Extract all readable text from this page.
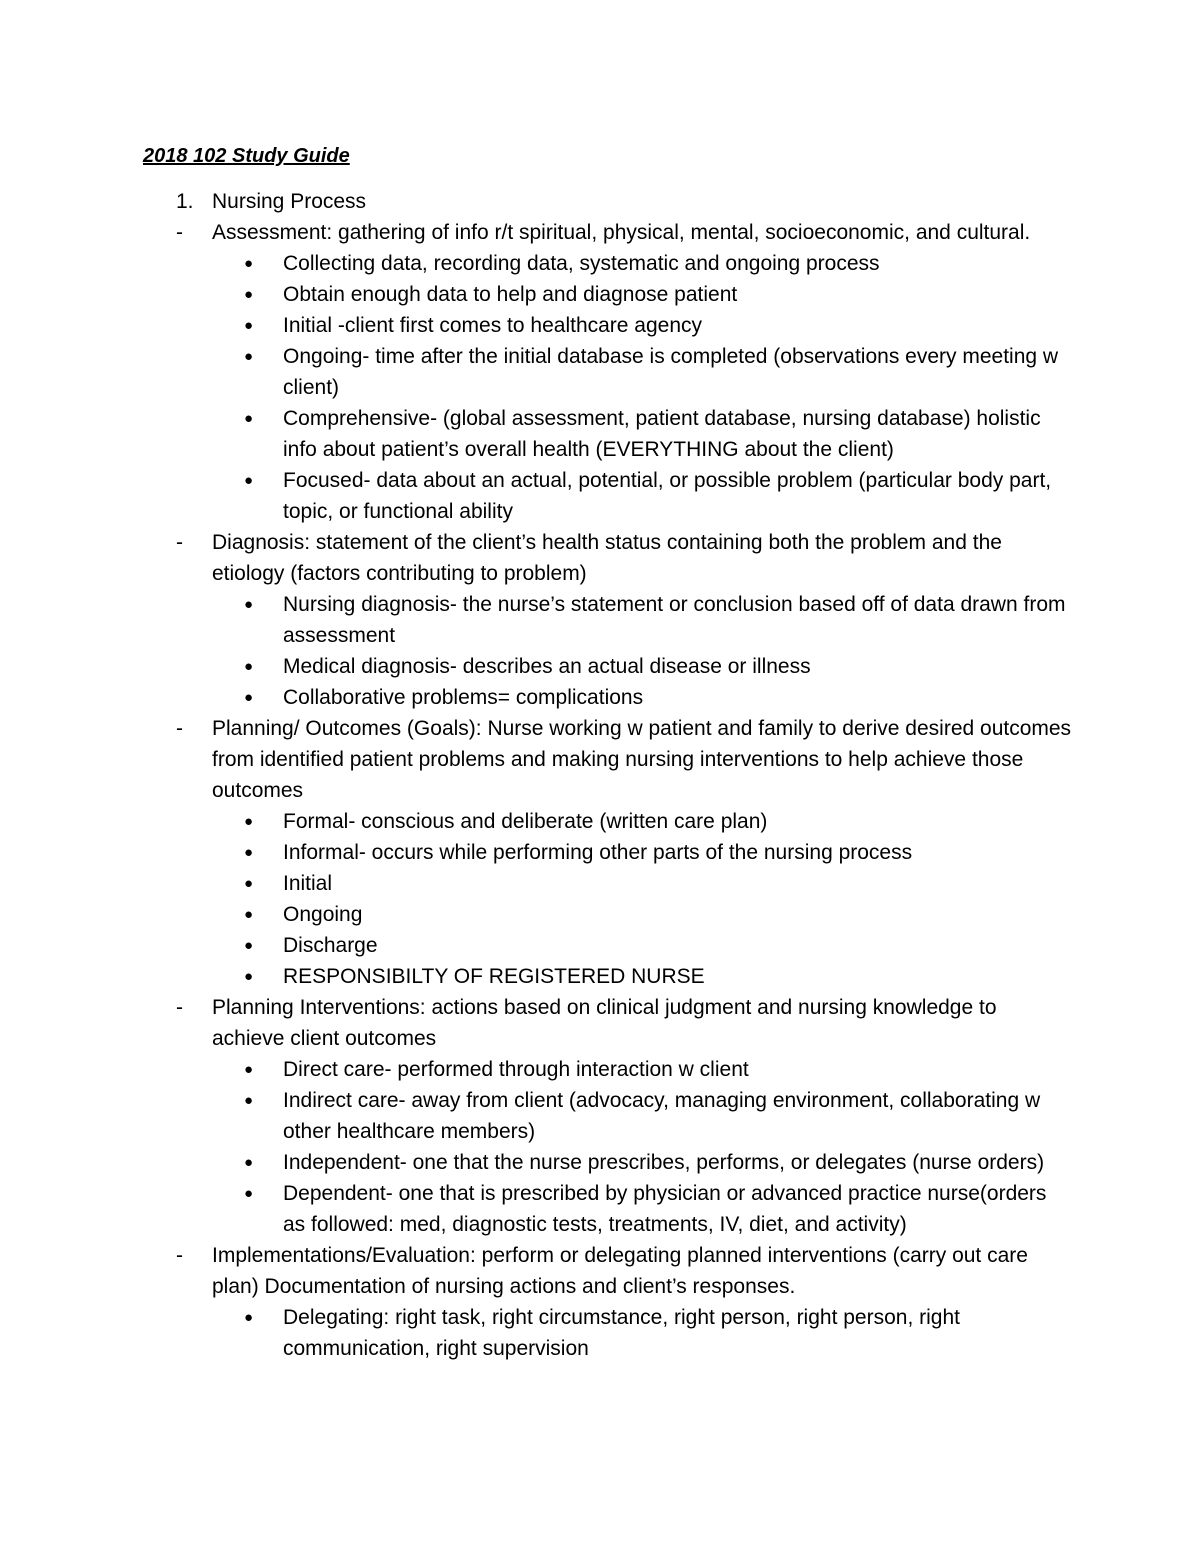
2018 102 Study Guide
1. Nursing Process
- Assessment: gathering of info r/t spiritual, physical, mental, socioeconomic, and cultural.
● Collecting data, recording data, systematic and ongoing process
● Obtain enough data to help and diagnose patient
● Initial -client first comes to healthcare agency
● Ongoing- time after the initial database is completed (observations every meeting w client)
● Comprehensive- (global assessment, patient database, nursing database) holistic info about patient’s overall health (EVERYTHING about the client)
● Focused- data about an actual, potential, or possible problem (particular body part, topic, or functional ability
- Diagnosis: statement of the client’s health status containing both the problem and the etiology (factors contributing to problem)
● Nursing diagnosis- the nurse’s statement or conclusion based off of data drawn from assessment
● Medical diagnosis- describes an actual disease or illness
● Collaborative problems= complications
- Planning/ Outcomes (Goals): Nurse working w patient and family to derive desired outcomes from identified patient problems and making nursing interventions to help achieve those outcomes
● Formal- conscious and deliberate (written care plan)
● Informal- occurs while performing other parts of the nursing process
● Initial
● Ongoing
● Discharge
● RESPONSIBILTY OF REGISTERED NURSE
- Planning Interventions: actions based on clinical judgment and nursing knowledge to achieve client outcomes
● Direct care- performed through interaction w client
● Indirect care- away from client (advocacy, managing environment, collaborating w other healthcare members)
● Independent- one that the nurse prescribes, performs, or delegates (nurse orders)
● Dependent- one that is prescribed by physician or advanced practice nurse(orders as followed: med, diagnostic tests, treatments, IV, diet, and activity)
- Implementations/Evaluation: perform or delegating planned interventions (carry out care plan) Documentation of nursing actions and client’s responses.
● Delegating: right task, right circumstance, right person, right person, right communication, right supervision
